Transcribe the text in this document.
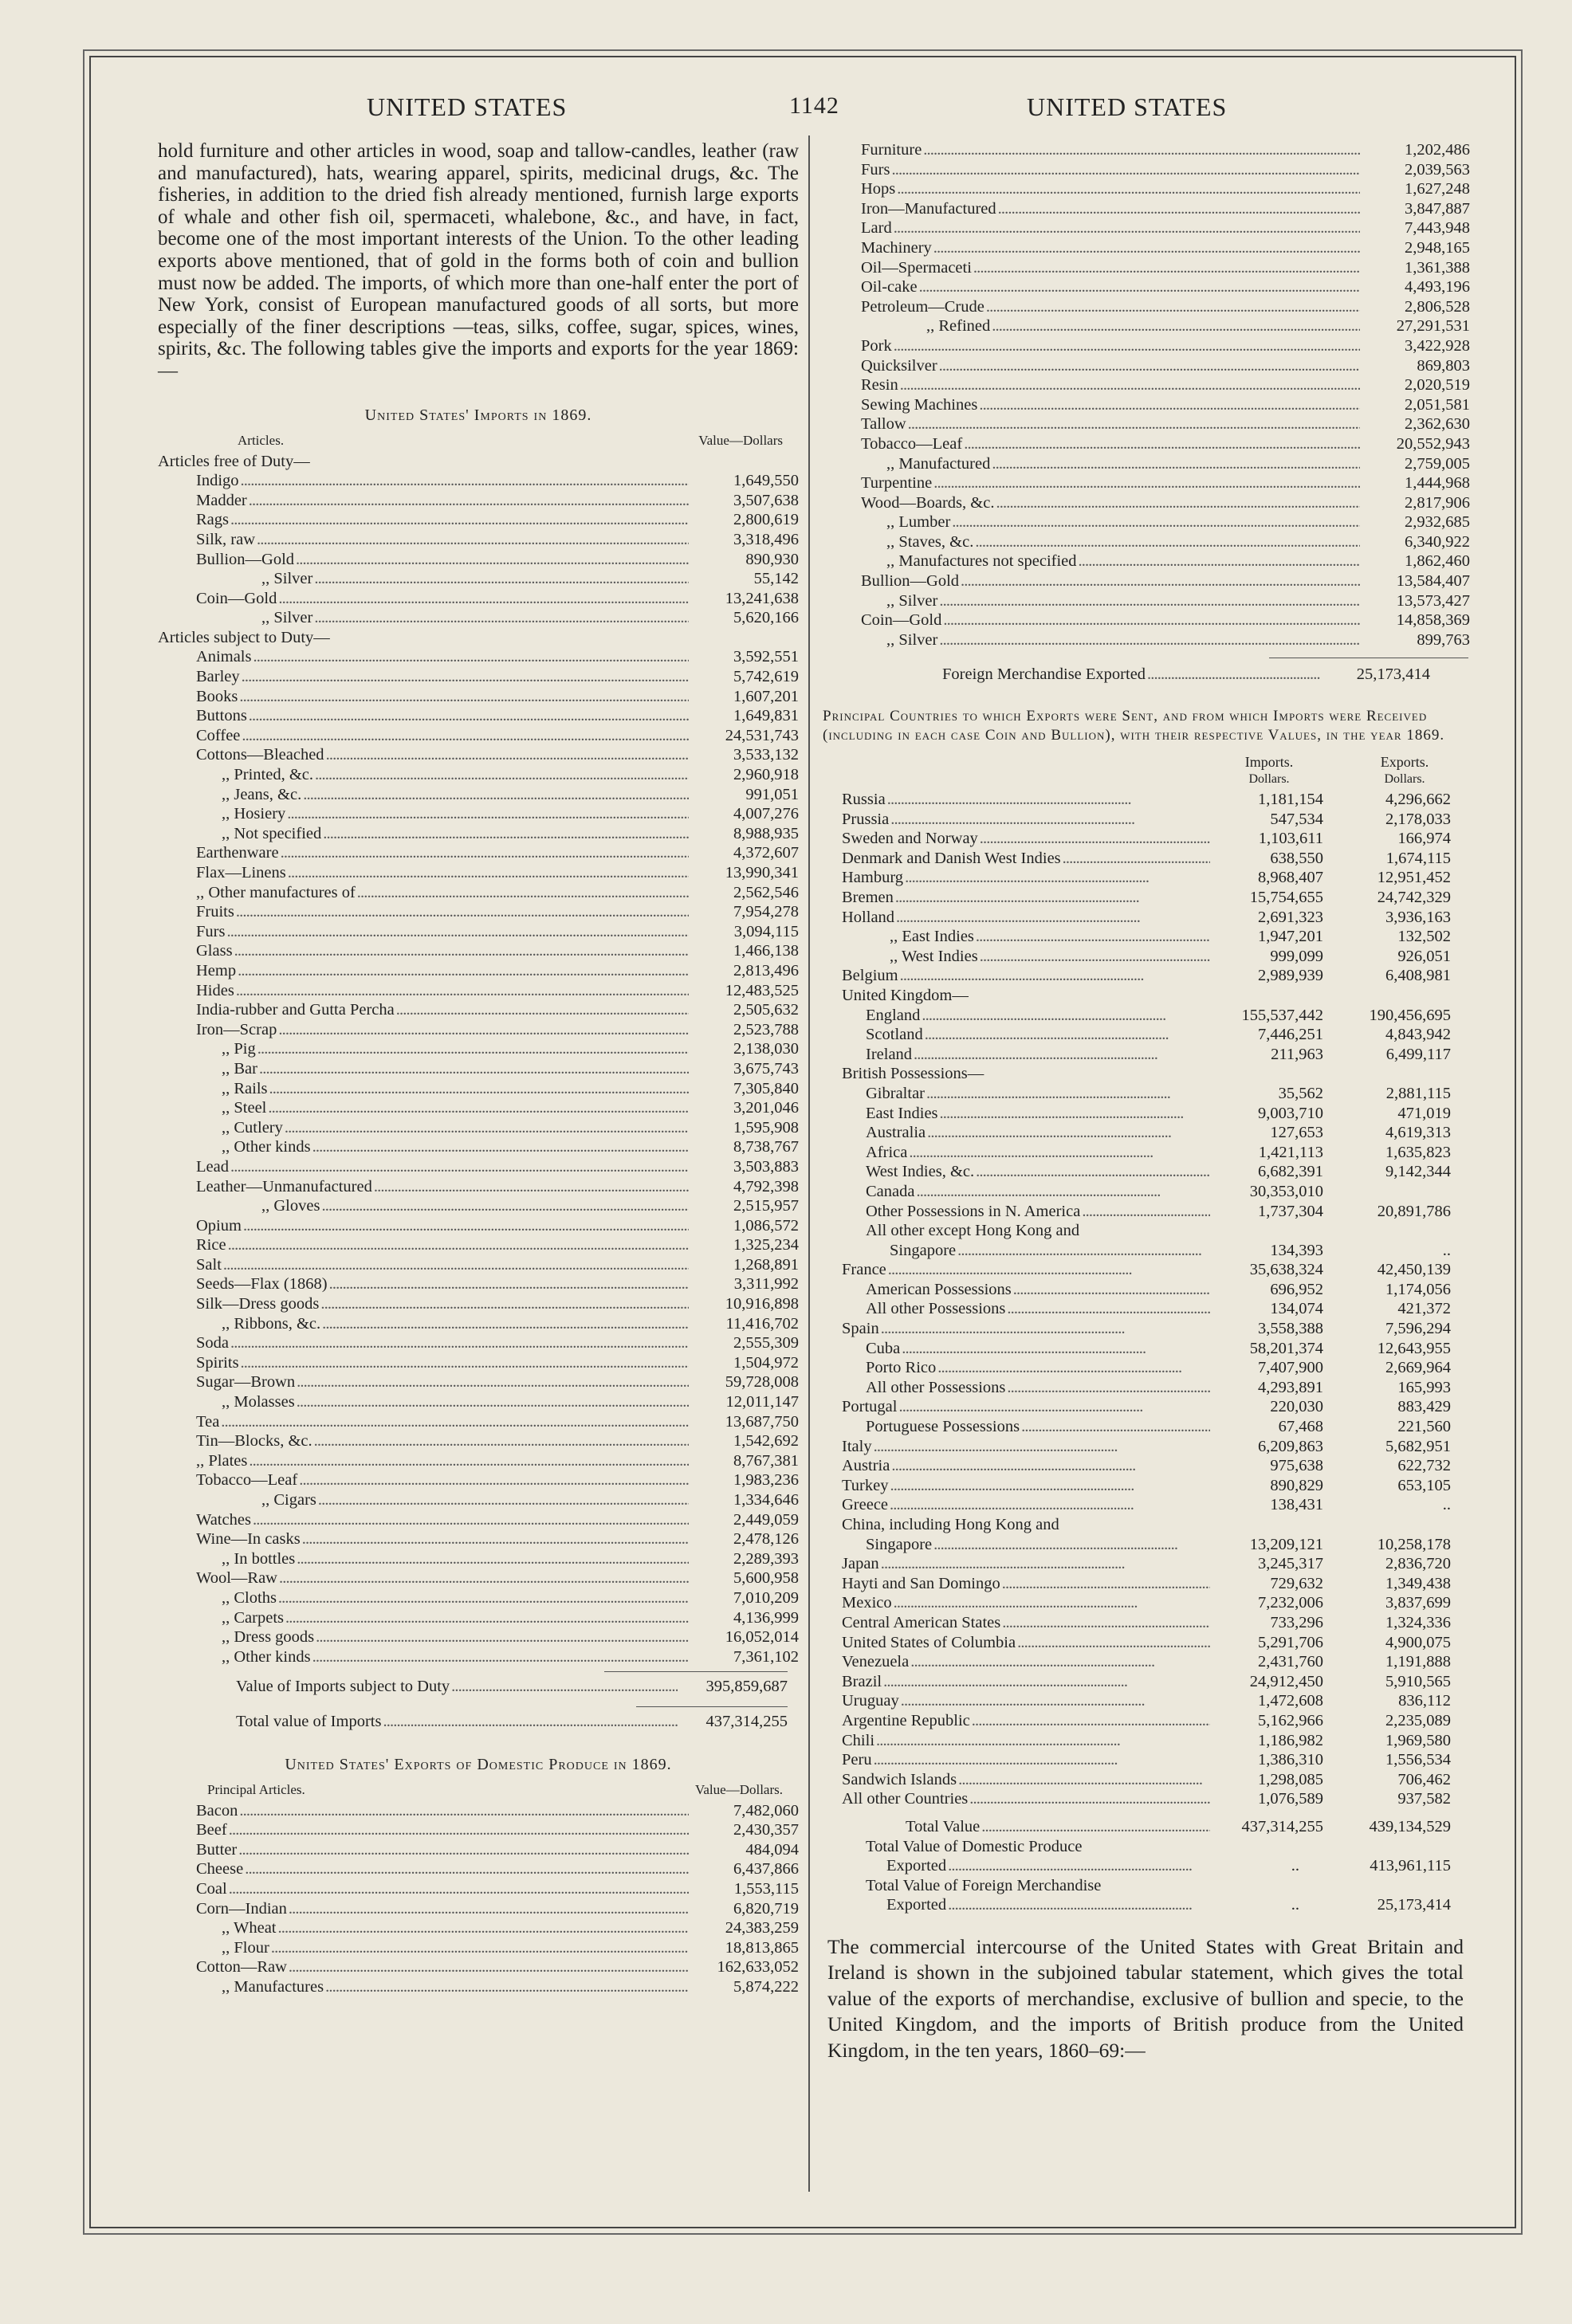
UNITED STATES	1142	UNITED STATES

hold furniture and other articles in wood, soap and tallow-candles, leather (raw and manufactured), hats, wearing apparel, spirits, medicinal drugs, &c. The fisheries, in addition to the dried fish already mentioned, furnish large exports of whale and other fish oil, spermaceti, whalebone, &c., and have, in fact, become one of the most important interests of the Union. To the other leading exports above mentioned, that of gold in the forms both of coin and bullion must now be added. The imports, of which more than one-half enter the port of New York, consist of European manufactured goods of all sorts, but more especially of the finer descriptions —teas, silks, coffee, sugar, spices, wines, spirits, &c. The following tables give the imports and exports for the year 1869:—

United States' Imports in 1869.
Articles.	Value—Dollars
Articles free of Duty—
Indigo . . .	1,649,550
Madder . . .	3,507,638
Rags . . .	2,800,619
Silk, raw . . .	3,318,496
Bullion—Gold . . .	890,930
,, Silver . . .	55,142
Coin—Gold . . .	13,241,638
,, Silver . . .	5,620,166
Articles subject to Duty—
Animals . . .	3,592,551
Barley . . .	5,742,619
Books . . .	1,607,201
Buttons . . .	1,649,831
Coffee . . .	24,531,743
Cottons—Bleached . . .	3,533,132
,, Printed, &c. . . .	2,960,918
,, Jeans, &c. . . .	991,051
,, Hosiery . . .	4,007,276
,, Not specified . . .	8,988,935
Earthenware . . .	4,372,607
Flax—Linens . . .	13,990,341
,, Other manufactures of . . .	2,562,546
Fruits . . .	7,954,278
Furs . . .	3,094,115
Glass . . .	1,466,138
Hemp . . .	2,813,496
Hides . . .	12,483,525
India-rubber and Gutta Percha . . .	2,505,632
Iron—Scrap . . .	2,523,788
,, Pig . . .	2,138,030
,, Bar . . .	3,675,743
,, Rails . . .	7,305,840
,, Steel . . .	3,201,046
,, Cutlery . . .	1,595,908
,, Other kinds . . .	8,738,767
Lead . . .	3,503,883
Leather—Unmanufactured . . .	4,792,398
,, Gloves . . .	2,515,957
Opium . . .	1,086,572
Rice . . .	1,325,234
Salt . . .	1,268,891
Seeds—Flax (1868) . . .	3,311,992
Silk—Dress goods . . .	10,916,898
,, Ribbons, &c. . . .	11,416,702
Soda . . .	2,555,309
Spirits . . .	1,504,972
Sugar—Brown . . .	59,728,008
,, Molasses . . .	12,011,147
Tea . . .	13,687,750
Tin—Blocks, &c. . . .	1,542,692
,, Plates . . .	8,767,381
Tobacco—Leaf . . .	1,983,236
,, Cigars . . .	1,334,646
Watches . . .	2,449,059
Wine—In casks . . .	2,478,126
,, In bottles . . .	2,289,393
Wool—Raw . . .	5,600,958
,, Cloths . . .	7,010,209
,, Carpets . . .	4,136,999
,, Dress goods . . .	16,052,014
,, Other kinds . . .	7,361,102
Value of Imports subject to Duty . . .	395,859,687
Total value of Imports . . .	437,314,255
United States' Exports of Domestic Produce in 1869.
Principal Articles.	Value—Dollars.
Bacon . . .	7,482,060
Beef . . .	2,430,357
Butter . . .	484,094
Cheese . . .	6,437,866
Coal . . .	1,553,115
Corn—Indian . . .	6,820,719
,, Wheat . . .	24,383,259
,, Flour . . .	18,813,865
Cotton—Raw . . .	162,633,052
,, Manufactures . . .	5,874,222
Furniture . . .	1,202,486
Furs . . .	2,039,563
Hops . . .	1,627,248
Iron—Manufactured . . .	3,847,887
Lard . . .	7,443,948
Machinery . . .	2,948,165
Oil—Spermaceti . . .	1,361,388
Oil-cake . . .	4,493,196
Petroleum—Crude . . .	2,806,528
,, Refined . . .	27,291,531
Pork . . .	3,422,928
Quicksilver . . .	869,803
Resin . . .	2,020,519
Sewing Machines . . .	2,051,581
Tallow . . .	2,362,630
Tobacco—Leaf . . .	20,552,943
,, Manufactured . . .	2,759,005
Turpentine . . .	1,444,968
Wood—Boards, &c. . . .	2,817,906
,, Lumber . . .	2,932,685
,, Staves, &c. . . .	6,340,922
,, Manufactures not specified . . .	1,862,460
Bullion—Gold . . .	13,584,407
,, Silver . . .	13,573,427
Coin—Gold . . .	14,858,369
,, Silver . . .	899,763
Foreign Merchandise Exported . . .	25,173,414
Principal Countries to which Exports were Sent, and from which Imports were Received (including in each case Coin and Bullion), with their respective Values, in the year 1869.
Imports.
Dollars.
Exports.
Dollars.
Russia . . .	1,181,154	4,296,662
Prussia . . .	547,534	2,178,033
Sweden and Norway . . .	1,103,611	166,974
Denmark and Danish West Indies . . .	638,550	1,674,115
Hamburg . . .	8,968,407	12,951,452
Bremen . . .	15,754,655	24,742,329
Holland . . .	2,691,323	3,936,163
,, East Indies . . .	1,947,201	132,502
,, West Indies . . .	999,099	926,051
Belgium . . .	2,989,939	6,408,981
United Kingdom—
England . . .	155,537,442	190,456,695
Scotland . . .	7,446,251	4,843,942
Ireland . . .	211,963	6,499,117
British Possessions—
Gibraltar . . .	35,562	2,881,115
East Indies . . .	9,003,710	471,019
Australia . . .	127,653	4,619,313
Africa . . .	1,421,113	1,635,823
West Indies, &c. . . .	6,682,391	9,142,344
Canada . . .	30,353,010
Other Possessions in N. America . . .	1,737,304	20,891,786
All other except Hong Kong and
Singapore . . .	134,393	..
France . . .	35,638,324	42,450,139
American Possessions . . .	696,952	1,174,056
All other Possessions . . .	134,074	421,372
Spain . . .	3,558,388	7,596,294
Cuba . . .	58,201,374	12,643,955
Porto Rico . . .	7,407,900	2,669,964
All other Possessions . . .	4,293,891	165,993
Portugal . . .	220,030	883,429
Portuguese Possessions . . .	67,468	221,560
Italy . . .	6,209,863	5,682,951
Austria . . .	975,638	622,732
Turkey . . .	890,829	653,105
Greece . . .	138,431	..
China, including Hong Kong and
Singapore . . .	13,209,121	10,258,178
Japan . . .	3,245,317	2,836,720
Hayti and San Domingo . . .	729,632	1,349,438
Mexico . . .	7,232,006	3,837,699
Central American States . . .	733,296	1,324,336
United States of Columbia . . .	5,291,706	4,900,075
Venezuela . . .	2,431,760	1,191,888
Brazil . . .	24,912,450	5,910,565
Uruguay . . .	1,472,608	836,112
Argentine Republic . . .	5,162,966	2,235,089
Chili . . .	1,186,982	1,969,580
Peru . . .	1,386,310	1,556,534
Sandwich Islands . . .	1,298,085	706,462
All other Countries . . .	1,076,589	937,582
Total Value . . .	437,314,255	439,134,529
Total Value of Domestic Produce
Exported . . .	..	413,961,115
Total Value of Foreign Merchandise
Exported . . .	..	25,173,414

The commercial intercourse of the United States with Great Britain and Ireland is shown in the subjoined tabular statement, which gives the total value of the exports of merchandise, exclusive of bullion and specie, to the United Kingdom, and the imports of British produce from the United Kingdom, in the ten years, 1860–69:—
